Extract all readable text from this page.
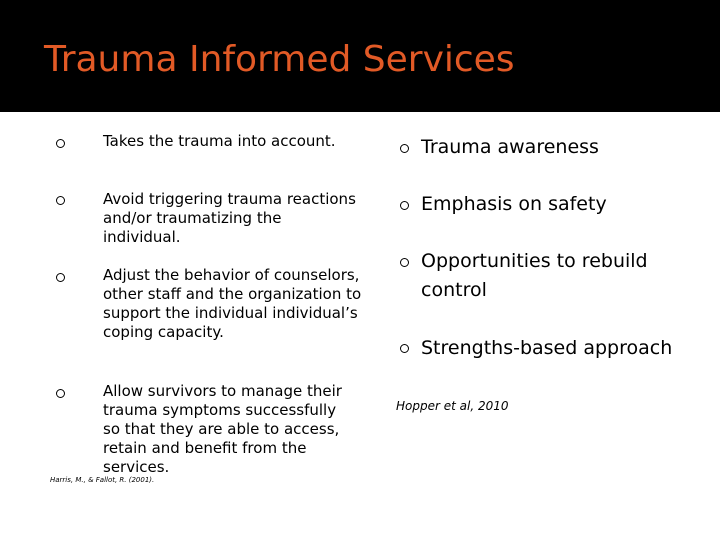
Trauma Informed Services
Takes the trauma into account.
Avoid triggering trauma reactions and/or traumatizing the individual.
Adjust the behavior of counselors, other staff and the organization to support the individual individual’s coping capacity.
Allow survivors to manage their trauma symptoms successfully so that they are able to access, retain and benefit from the services.
Harris, M., & Fallot, R. (2001).
Trauma awareness
Emphasis on safety
Opportunities to rebuild control
Strengths-based approach
Hopper et al, 2010
